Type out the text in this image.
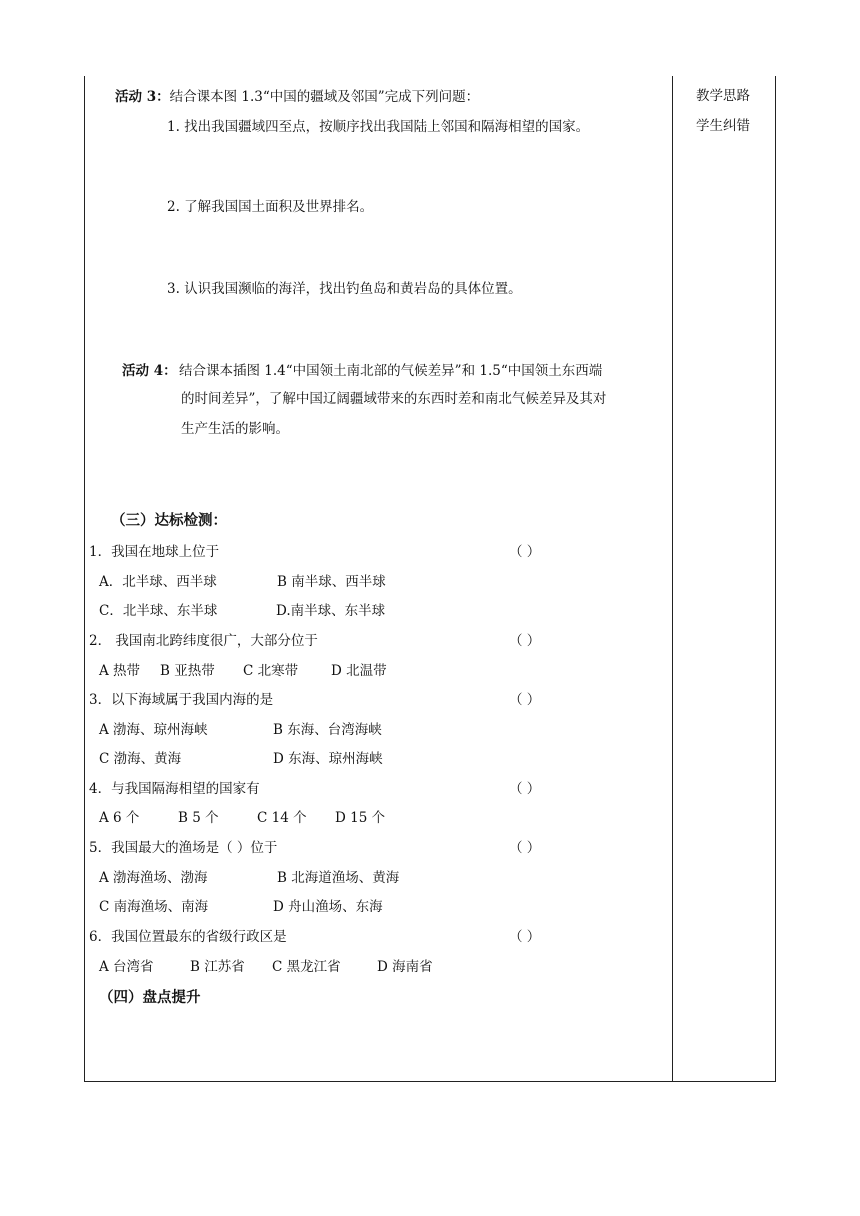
教学思路
学生纠错
活动 3：结合课本图 1.3“中国的疆域及邻国”完成下列问题：
1. 找出我国疆域四至点，按顺序找出我国陆上邻国和隔海相望的国家。
2. 了解我国国土面积及世界排名。
3. 认识我国濒临的海洋，找出钓鱼岛和黄岩岛的具体位置。
活动 4： 结合课本插图 1.4“中国领土南北部的气候差异”和 1.5“中国领土东西端
的时间差异”，了解中国辽阔疆域带来的东西时差和南北气候差异及其对
生产生活的影响。
（三）达标检测：
1．我国在地球上位于	（ ）
A．北半球、西半球	B 南半球、西半球
C．北半球、东半球	D.南半球、东半球
2． 我国南北跨纬度很广，大部分位于	（ ）
A 热带 B 亚热带 C 北寒带 D 北温带
3．以下海域属于我国内海的是	（ ）
A 渤海、琼州海峡	B 东海、台湾海峡
C 渤海、黄海	D 东海、琼州海峡
4．与我国隔海相望的国家有	（ ）
A 6 个	B 5 个	C 14 个 D 15 个
5．我国最大的渔场是（ ）位于	（ ）
A 渤海渔场、渤海	B 北海道渔场、黄海
C 南海渔场、南海	D 舟山渔场、东海
6．我国位置最东的省级行政区是	（ ）
A 台湾省	B 江苏省 C 黑龙江省	D 海南省
（四）盘点提升
